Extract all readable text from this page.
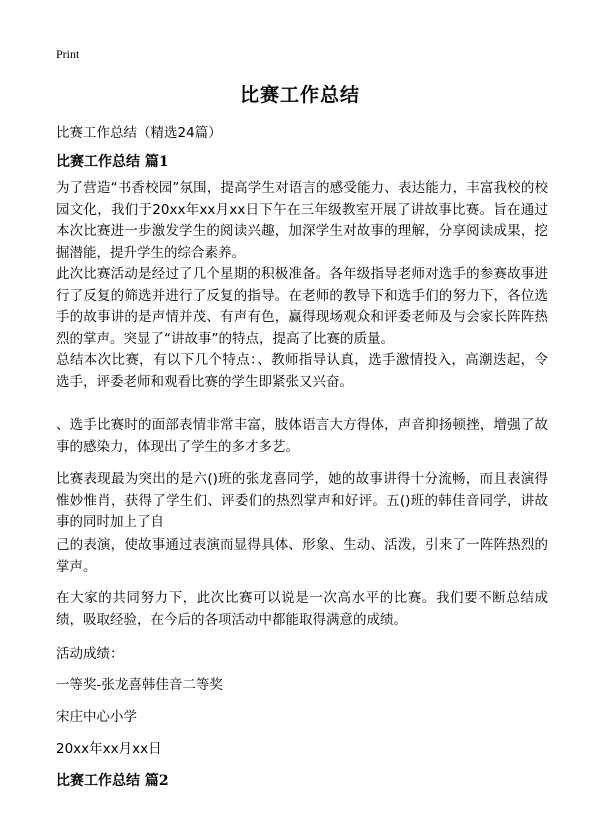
Print
比赛工作总结
比赛工作总结（精选24篇）
比赛工作总结 篇1
为了营造“书香校园”氛围，提高学生对语言的感受能力、表达能力，丰富我校的校园文化，我们于20xx年xx月xx日下午在三年级教室开展了讲故事比赛。旨在通过本次比赛进一步激发学生的阅读兴趣，加深学生对故事的理解，分享阅读成果，挖掘潜能，提升学生的综合素养。
此次比赛活动是经过了几个星期的积极准备。各年级指导老师对选手的参赛故事进行了反复的筛选并进行了反复的指导。在老师的教导下和选手们的努力下，各位选手的故事讲的是声情并茂、有声有色，赢得现场观众和评委老师及与会家长阵阵热烈的掌声。突显了“讲故事”的特点，提高了比赛的质量。
总结本次比赛，有以下几个特点：、教师指导认真，选手激情投入，高潮迭起，令选手，评委老师和观看比赛的学生即紧张又兴奋。
、选手比赛时的面部表情非常丰富，肢体语言大方得体，声音抑扬顿挫，增强了故事的感染力，体现出了学生的多才多艺。
比赛表现最为突出的是六()班的张龙喜同学，她的故事讲得十分流畅，而且表演得惟妙惟肖，获得了学生们、评委们的热烈掌声和好评。五()班的韩佳音同学，讲故事的同时加上了自
己的表演，使故事通过表演而显得具体、形象、生动、活泼，引来了一阵阵热烈的掌声。
在大家的共同努力下，此次比赛可以说是一次高水平的比赛。我们要不断总结成绩，吸取经验，在今后的各项活动中都能取得满意的成绩。
活动成绩：
一等奖-张龙喜韩佳音二等奖
宋庄中心小学
20xx年xx月xx日
比赛工作总结 篇2
